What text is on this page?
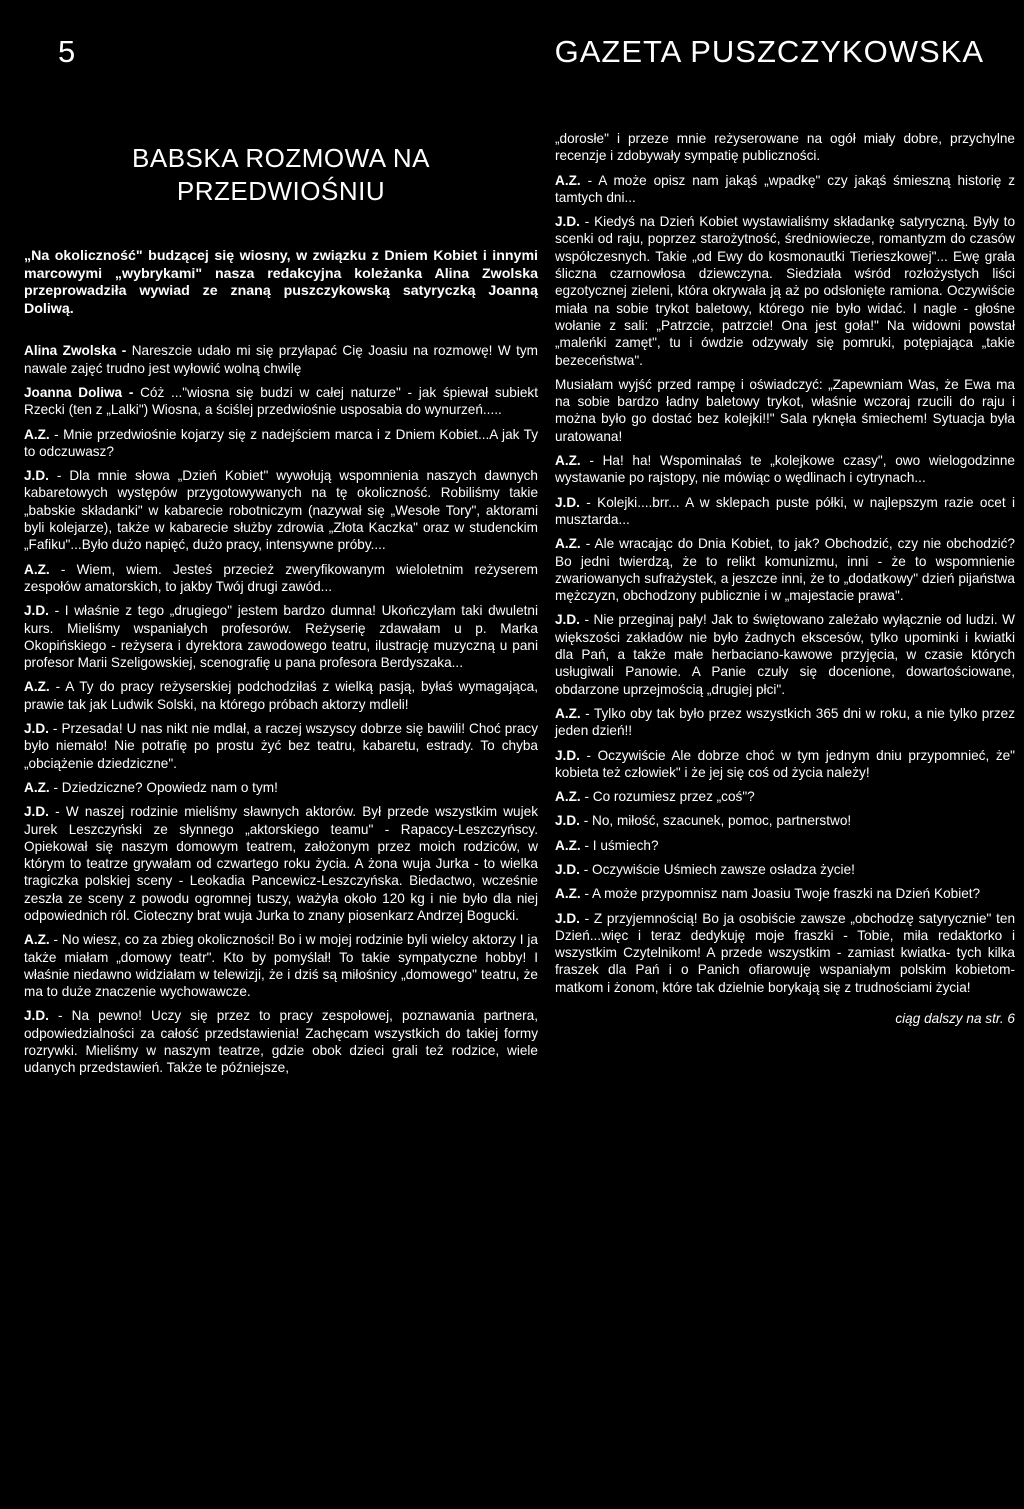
5	GAZETA PUSZCZYKOWSKA
BABSKA ROZMOWA NA
PRZEDWIOŚNIU

„Na okoliczność" budzącej się wiosny, w związku z Dniem Kobiet i innymi marcowymi „wybrykami" nasza redakcyjna koleżanka Alina Zwolska przeprowadziła wywiad ze znaną puszczykowską satyryczką Joanną Doliwą.

Alina Zwolska - Nareszcie udało mi się przyłapać Cię Joasiu na rozmowę! W tym nawale zajęć trudno jest wyłowić wolną chwilę

Joanna Doliwa - Cóż ..."wiosna się budzi w całej naturze" - jak śpiewał subiekt Rzecki (ten z „Lalki") Wiosna, a ściślej przedwiośnie usposabia do wynurzeń.....

A.Z. - Mnie przedwiośnie kojarzy się z nadejściem marca i z Dniem Kobiet...A jak Ty to odczuwasz?

J.D. - Dla mnie słowa „Dzień Kobiet" wywołują wspomnienia naszych dawnych kabaretowych występów przygotowywanych na tę okoliczność. Robiliśmy takie „babskie składanki" w kabarecie robotniczym (nazywał się „Wesołe Tory", aktorami byli kolejarze), także w kabarecie służby zdrowia „Złota Kaczka" oraz w studenckim „Fafiku"...Było dużo napięć, dużo pracy, intensywne próby....

A.Z. - Wiem, wiem. Jesteś przecież zweryfikowanym wieloletnim reżyserem zespołów amatorskich, to jakby Twój drugi zawód...

J.D. - I właśnie z tego „drugiego" jestem bardzo dumna! Ukończyłam taki dwuletni kurs. Mieliśmy wspaniałych profesorów. Reżyserię zdawałam u p. Marka Okopińskiego - reżysera i dyrektora zawodowego teatru, ilustrację muzyczną u pani profesor Marii Szeligowskiej, scenografię u pana profesora Berdyszaka...

A.Z. - A Ty do pracy reżyserskiej podchodziłaś z wielką pasją, byłaś wymagająca, prawie tak jak Ludwik Solski, na którego próbach aktorzy mdleli!

J.D. - Przesada! U nas nikt nie mdlał, a raczej wszyscy dobrze się bawili! Choć pracy było niemało! Nie potrafię po prostu żyć bez teatru, kabaretu, estrady. To chyba „obciążenie dziedziczne".

A.Z. - Dziedziczne? Opowiedz nam o tym!

J.D. - W naszej rodzinie mieliśmy sławnych aktorów. Był przede wszystkim wujek Jurek Leszczyński ze słynnego „aktorskiego teamu" - Rapaccy-Leszczyńscy. Opiekował się naszym domowym teatrem, założonym przez moich rodziców, w którym to teatrze grywałam od czwartego roku życia. A żona wuja Jurka - to wielka tragiczka polskiej sceny - Leokadia Pancewicz-Leszczyńska. Biedactwo, wcześnie zeszła ze sceny z powodu ogromnej tuszy, ważyła około 120 kg i nie było dla niej odpowiednich ról. Cioteczny brat wuja Jurka to znany piosenkarz Andrzej Bogucki.

A.Z. - No wiesz, co za zbieg okoliczności! Bo i w mojej rodzinie byli wielcy aktorzy I ja także miałam „domowy teatr". Kto by pomyślał! To takie sympatyczne hobby! I właśnie niedawno widziałam w telewizji, że i dziś są miłośnicy „domowego" teatru, że ma to duże znaczenie wychowawcze.

J.D. - Na pewno! Uczy się przez to pracy zespołowej, poznawania partnera, odpowiedzialności za całość przedstawienia! Zachęcam wszystkich do takiej formy rozrywki. Mieliśmy w naszym teatrze, gdzie obok dzieci grali też rodzice, wiele udanych przedstawień. Także te późniejsze,

„dorosłe" i przeze mnie reżyserowane na ogół miały dobre, przychylne recenzje i zdobywały sympatię publiczności.

A.Z. - A może opisz nam jakąś „wpadkę" czy jakąś śmieszną historię z tamtych dni...

J.D. - Kiedyś na Dzień Kobiet wystawialiśmy składankę satyryczną. Były to scenki od raju, poprzez starożytność, średniowiecze, romantyzm do czasów współczesnych. Takie „od Ewy do kosmonautki Tierieszkowej"... Ewę grała śliczna czarnowłosa dziewczyna. Siedziała wśród rozłożystych liści egzotycznej zieleni, która okrywała ją aż po odsłonięte ramiona. Oczywiście miała na sobie trykot baletowy, którego nie było widać. I nagle - głośne wołanie z sali: „Patrzcie, patrzcie! Ona jest goła!" Na widowni powstał „maleńki zamęt", tu i ówdzie odzywały się pomruki, potępiająca „takie bezeceństwa".

Musiałam wyjść przed rampę i oświadczyć: „Zapewniam Was, że Ewa ma na sobie bardzo ładny baletowy trykot, właśnie wczoraj rzucili do raju i można było go dostać bez kolejki!!" Sala ryknęła śmiechem! Sytuacja była uratowana!

A.Z. - Ha! ha! Wspominałaś te „kolejkowe czasy", owo wielogodzinne wystawanie po rajstopy, nie mówiąc o wędlinach i cytrynach...

J.D. - Kolejki....brr... A w sklepach puste półki, w najlepszym razie ocet i musztarda...

A.Z. - Ale wracając do Dnia Kobiet, to jak? Obchodzić, czy nie obchodzić? Bo jedni twierdzą, że to relikt komunizmu, inni - że to wspomnienie zwariowanych sufrażystek, a jeszcze inni, że to „dodatkowy" dzień pijaństwa mężczyzn, obchodzony publicznie i w „majestacie prawa".

J.D. - Nie przeginaj pały! Jak to świętowano zależało wyłącznie od ludzi. W większości zakładów nie było żadnych ekscesów, tylko upominki i kwiatki dla Pań, a także małe herbaciano-kawowe przyjęcia, w czasie których usługiwali Panowie. A Panie czuły się docenione, dowartościowane, obdarzone uprzejmością „drugiej płci".

A.Z. - Tylko oby tak było przez wszystkich 365 dni w roku, a nie tylko przez jeden dzień!!

J.D. - Oczywiście Ale dobrze choć w tym jednym dniu przypomnieć, że" kobieta też człowiek" i że jej się coś od życia należy!

A.Z. - Co rozumiesz przez „coś"?

J.D. - No, miłość, szacunek, pomoc, partnerstwo!

A.Z. - I uśmiech?

J.D. - Oczywiście Uśmiech zawsze osładza życie!

A.Z. - A może przypomnisz nam Joasiu Twoje fraszki na Dzień Kobiet?

J.D. - Z przyjemnością! Bo ja osobiście zawsze „obchodzę satyrycznie" ten Dzień...więc i teraz dedykuję moje fraszki - Tobie, miła redaktorko i wszystkim Czytelnikom! A przede wszystkim - zamiast kwiatka- tych kilka fraszek dla Pań i o Panich ofiarowuję wspaniałym polskim kobietom- matkom i żonom, które tak dzielnie borykają się z trudnościami życia!

ciąg dalszy na str. 6
